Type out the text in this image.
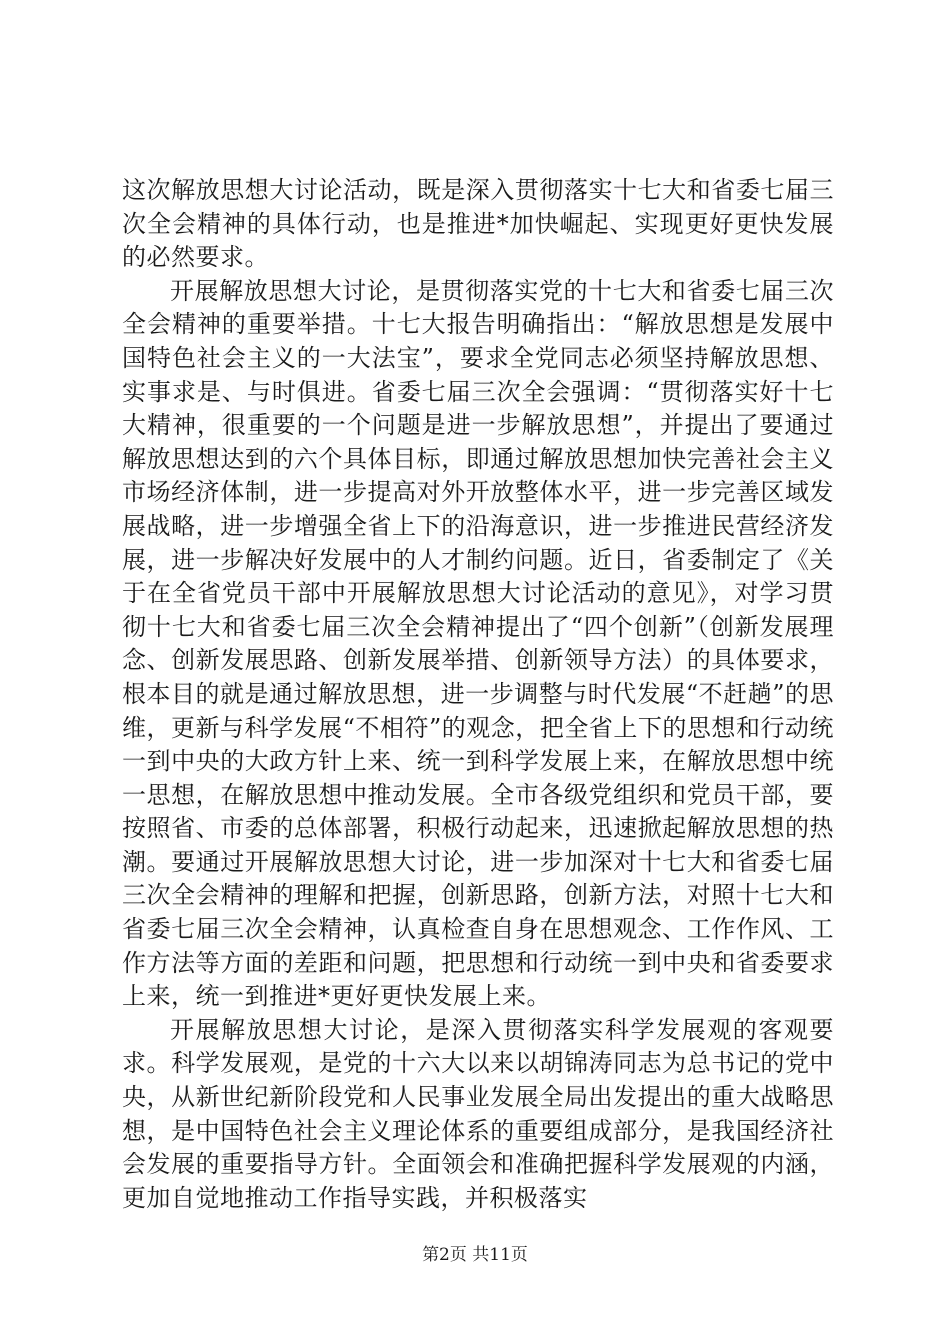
这次解放思想大讨论活动，既是深入贯彻落实十七大和省委七届三次全会精神的具体行动，也是推进*加快崛起、实现更好更快发展的必然要求。

开展解放思想大讨论，是贯彻落实党的十七大和省委七届三次全会精神的重要举措。十七大报告明确指出：“解放思想是发展中国特色社会主义的一大法宝”，要求全党同志必须坚持解放思想、实事求是、与时俱进。省委七届三次全会强调：“贯彻落实好十七大精神，很重要的一个问题是进一步解放思想”，并提出了要通过解放思想达到的六个具体目标，即通过解放思想加快完善社会主义市场经济体制，进一步提高对外开放整体水平，进一步完善区域发展战略，进一步增强全省上下的沿海意识，进一步推进民营经济发展，进一步解决好发展中的人才制约问题。近日，省委制定了《关于在全省党员干部中开展解放思想大讨论活动的意见》，对学习贯彻十七大和省委七届三次全会精神提出了“四个创新”（创新发展理念、创新发展思路、创新发展举措、创新领导方法）的具体要求，根本目的就是通过解放思想，进一步调整与时代发展“不赶趟”的思维，更新与科学发展“不相符”的观念，把全省上下的思想和行动统一到中央的大政方针上来、统一到科学发展上来，在解放思想中统一思想，在解放思想中推动发展。全市各级党组织和党员干部，要按照省、市委的总体部署，积极行动起来，迅速掀起解放思想的热潮。要通过开展解放思想大讨论，进一步加深对十七大和省委七届三次全会精神的理解和把握，创新思路，创新方法，对照十七大和省委七届三次全会精神，认真检查自身在思想观念、工作作风、工作方法等方面的差距和问题，把思想和行动统一到中央和省委要求上来，统一到推进*更好更快发展上来。

开展解放思想大讨论，是深入贯彻落实科学发展观的客观要求。科学发展观，是党的十六大以来以胡锦涛同志为总书记的党中央，从新世纪新阶段党和人民事业发展全局出发提出的重大战略思想，是中国特色社会主义理论体系的重要组成部分，是我国经济社会发展的重要指导方针。全面领会和准确把握科学发展观的内涵，更加自觉地推动工作指导实践，并积极落实

第2页 共11页
